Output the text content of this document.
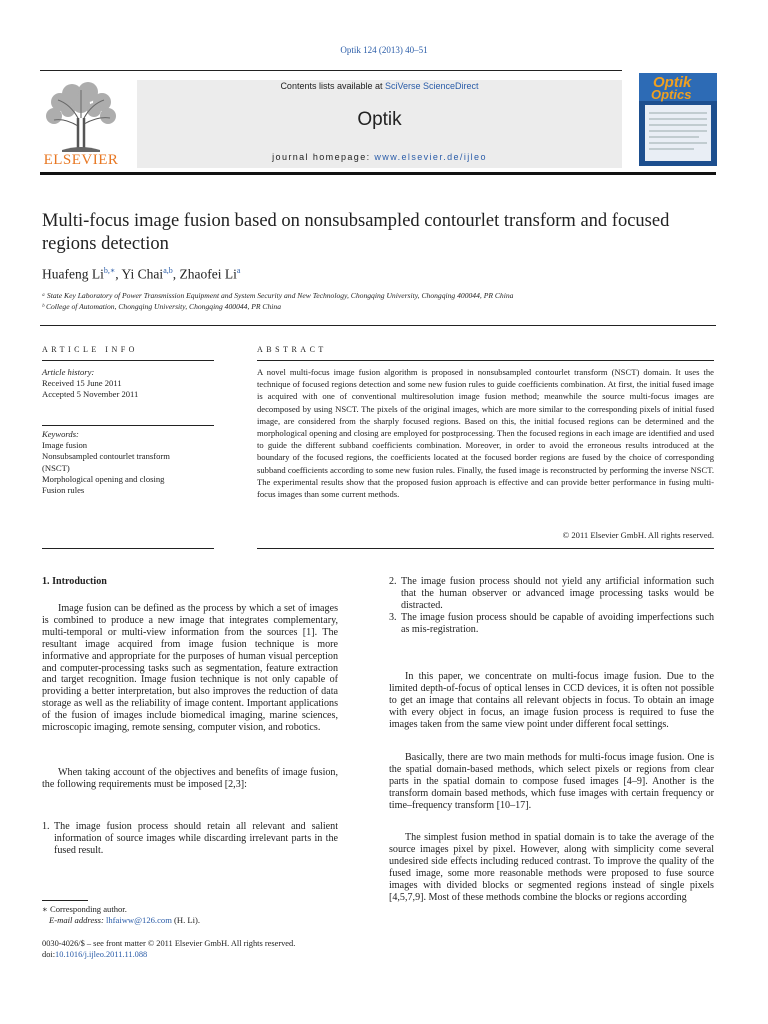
Optik 124 (2013) 40–51
ELSEVIER
Contents lists available at SciVerse ScienceDirect
Optik
journal homepage: www.elsevier.de/ijleo
Optik
Optics
Multi-focus image fusion based on nonsubsampled contourlet transform and focused regions detection
Huafeng $Li^{b,∗}$, Yi Chai$^{a,b}$, Zhaofei Li$^a$
ᵃ State Key Laboratory of Power Transmission Equipment and System Security and New Technology, Chongqing University, Chongqing 400044, PR China
ᵇ College of Automation, Chongqing University, Chongqing 400044, PR China
ARTICLE INFO
Article history:
Received 15 June 2011
Accepted 5 November 2011
Keywords:
Image fusion
Nonsubsampled contourlet transform
(NSCT)
Morphological opening and closing
Fusion rules
ABSTRACT
A novel multi-focus image fusion algorithm is proposed in nonsubsampled contourlet transform (NSCT) domain. It uses the technique of focused regions detection and some new fusion rules to guide coefficients combination. At first, the initial fused image is acquired with one of conventional multiresolution image fusion method; meanwhile the source multi-focus images are decomposed by using NSCT. The pixels of the original images, which are more similar to the corresponding pixels of initial fused image, are considered from the sharply focused regions. Based on this, the initial focused regions can be determined and the morphological opening and closing are employed for postprocessing. Then the focused regions in each image are identified and used to guide the different subband coefficients combination. Moreover, in order to avoid the erroneous results introduced at the boundary of the focused regions, the coefficients located at the focused border regions are fused by the choice of corresponding subband coefficients according to some new fusion rules. Finally, the fused image is reconstructed by performing the inverse NSCT. The experimental results show that the proposed fusion approach is effective and can provide better performance in fusing multi-focus images than some current methods.
© 2011 Elsevier GmbH. All rights reserved.
1. Introduction
Image fusion can be defined as the process by which a set of images is combined to produce a new image that integrates complementary, multi-temporal or multi-view information from the sources [1]. The resultant image acquired from image fusion technique is more informative and appropriate for the purposes of human visual perception and computer-processing tasks such as segmentation, feature extraction and target recognition. Image fusion technique is not only capable of providing a better interpretation, but also improves the reduction of data storage as well as the reliability of image content. Important applications of the fusion of images include biomedical imaging, marine sciences, microscopic imaging, remote sensing, computer vision, and robotics.
When taking account of the objectives and benefits of image fusion, the following requirements must be imposed [2,3]:
1. The image fusion process should retain all relevant and salient information of source images while discarding irrelevant parts in the fused result.
2. The image fusion process should not yield any artificial information such that the human observer or advanced image processing tasks would be distracted.
3. The image fusion process should be capable of avoiding imperfections such as mis-registration.
In this paper, we concentrate on multi-focus image fusion. Due to the limited depth-of-focus of optical lenses in CCD devices, it is often not possible to get an image that contains all relevant objects in focus. To obtain an image with every object in focus, an image fusion process is required to fuse the images taken from the same view point under different focal settings.
Basically, there are two main methods for multi-focus image fusion. One is the spatial domain-based methods, which select pixels or regions from clear parts in the spatial domain to compose fused images [4–9]. Another is the transform domain based methods, which fuse images with certain frequency or time–frequency transform [10–17].
The simplest fusion method in spatial domain is to take the average of the source images pixel by pixel. However, along with simplicity come several undesired side effects including reduced contrast. To improve the quality of the fused image, some more reasonable methods were proposed to fuse source images with divided blocks or segmented regions instead of single pixels [4,5,7,9]. Most of these methods combine the blocks or regions according
∗ Corresponding author.
E-mail address: lhfaiww@126.com (H. Li).
0030-4026/$ – see front matter © 2011 Elsevier GmbH. All rights reserved.
doi:10.1016/j.ijleo.2011.11.088
